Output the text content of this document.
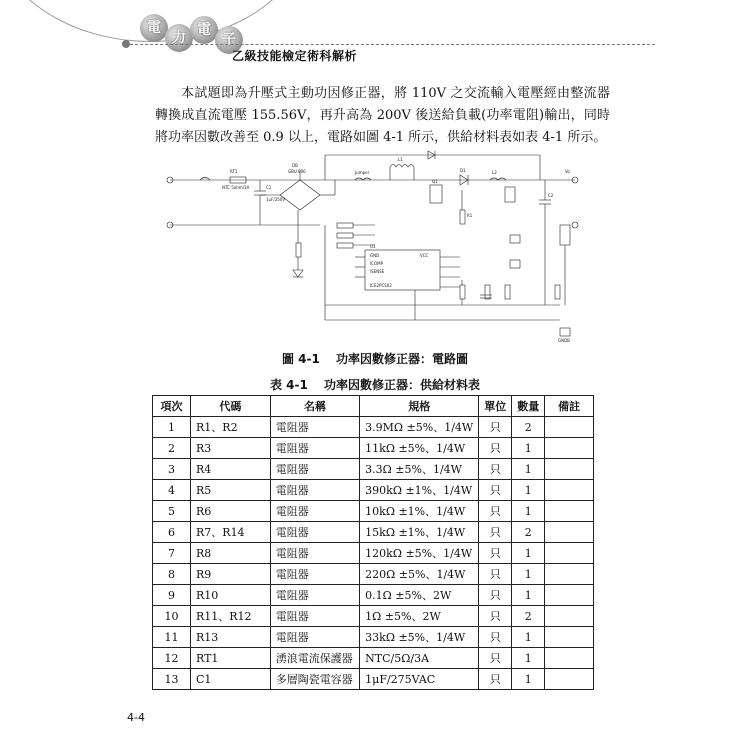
電
力 電
子
乙級技能檢定術科解析
本試題即為升壓式主動功因修正器，將 110V 之交流輸入電壓經由整流器轉換成直流電壓 155.56V，再升高為 200V 後送給負載(功率電阻)輸出，同時將功率因數改善至 0.9 以上，電路如圖 4-1 所示，供給材料表如表 4-1 所示。
RT1
NTC 5ohm/3A
DB
GBU 806
C1
1uF/250V
L1
Jumper	D1	L2
U1
GND
ICOMP
ISENSE
VCC
ICE2PCS02
Vo
GNDB
Q1
R1
C2
圖 4-1　 功率因數修正器：電路圖
表 4-1　 功率因數修正器：供給材料表
項次	代碼	名稱	規格	單位	數量	備註
1	R1、R2	電阻器	3.9MΩ ±5%、1/4W	只	2	
2	R3	電阻器	11kΩ ±5%、1/4W	只	1	
3	R4	電阻器	3.3Ω ±5%、1/4W	只	1	
4	R5	電阻器	390kΩ ±1%、1/4W	只	1	
5	R6	電阻器	10kΩ ±1%、1/4W	只	1	
6	R7、R14	電阻器	15kΩ ±1%、1/4W	只	2	
7	R8	電阻器	120kΩ ±5%、1/4W	只	1	
8	R9	電阻器	220Ω ±5%、1/4W	只	1	
9	R10	電阻器	0.1Ω ±5%、2W	只	1	
10	R11、R12	電阻器	1Ω ±5%、2W	只	2	
11	R13	電阻器	33kΩ ±5%、1/4W	只	1	
12	RT1	湧浪電流保護器	NTC/5Ω/3A	只	1	
13	C1	多層陶瓷電容器	1μF/275VAC	只	1	
4-4
